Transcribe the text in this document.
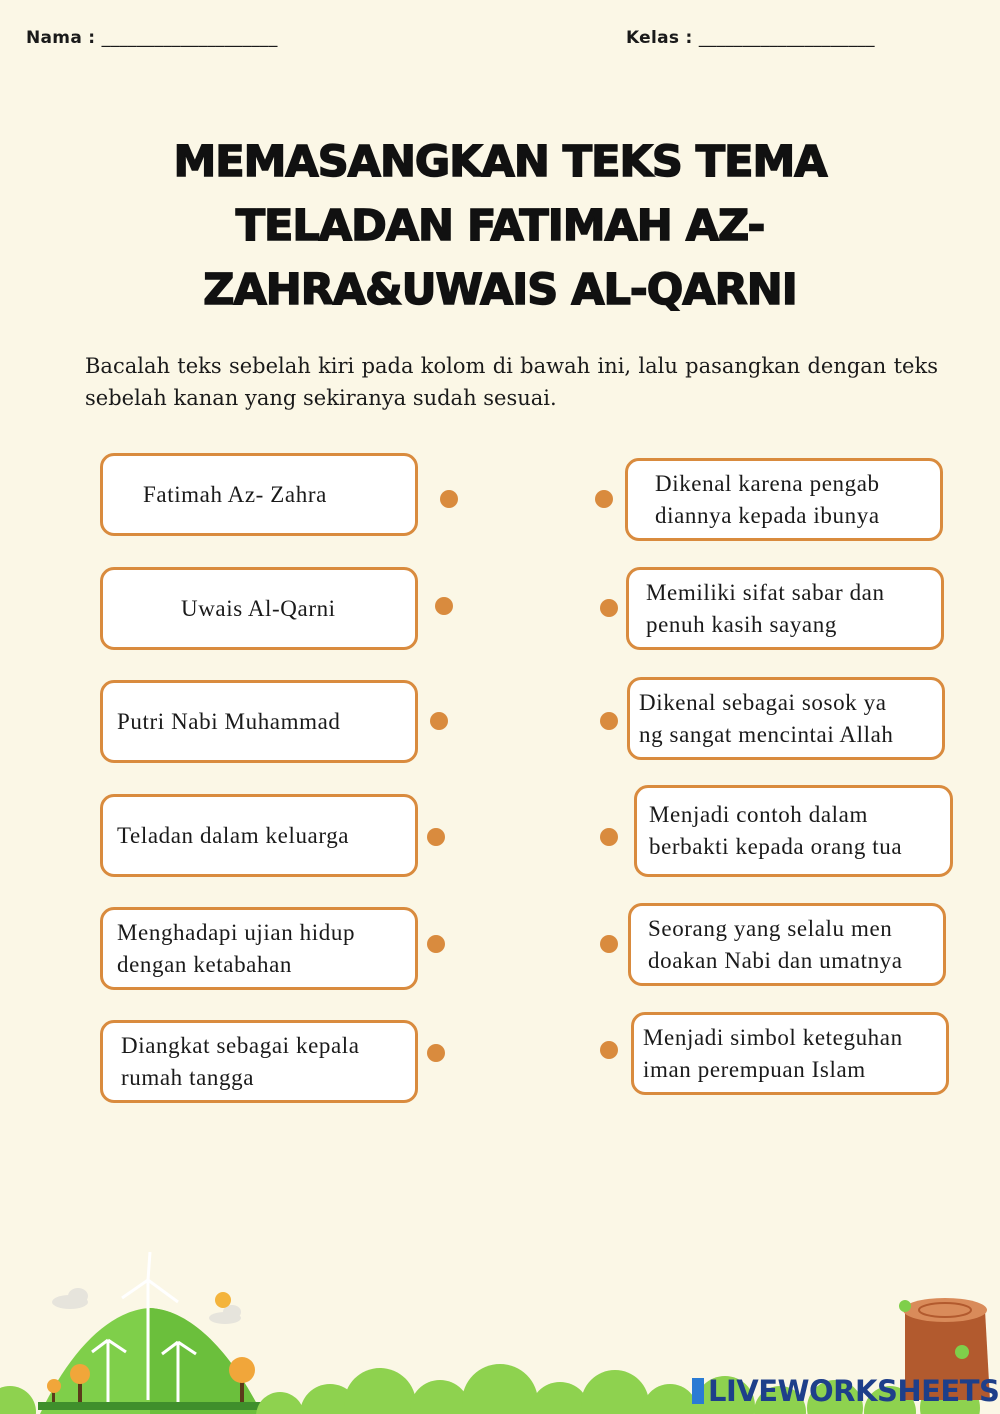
Nama : ____________________	Kelas : ____________________
MEMASANGKAN TEKS TEMA
TELADAN FATIMAH AZ-
ZAHRA&UWAIS AL-QARNI
Bacalah teks sebelah kiri pada kolom di bawah ini, lalu pasangkan dengan teks sebelah kanan yang sekiranya sudah sesuai.
Fatimah Az- Zahra
Uwais Al-Qarni
Putri Nabi Muhammad
Teladan dalam keluarga
Menghadapi ujian hidup
dengan ketabahan
Diangkat sebagai kepala
rumah tangga
Dikenal karena pengab
diannya kepada ibunya
Memiliki sifat sabar dan
penuh kasih sayang
Dikenal sebagai sosok ya
ng sangat mencintai Allah
Menjadi contoh dalam
berbakti kepada orang tua
Seorang yang selalu men
doakan Nabi dan umatnya
Menjadi simbol keteguhan
iman perempuan Islam
LIVEWORKSHEETS
